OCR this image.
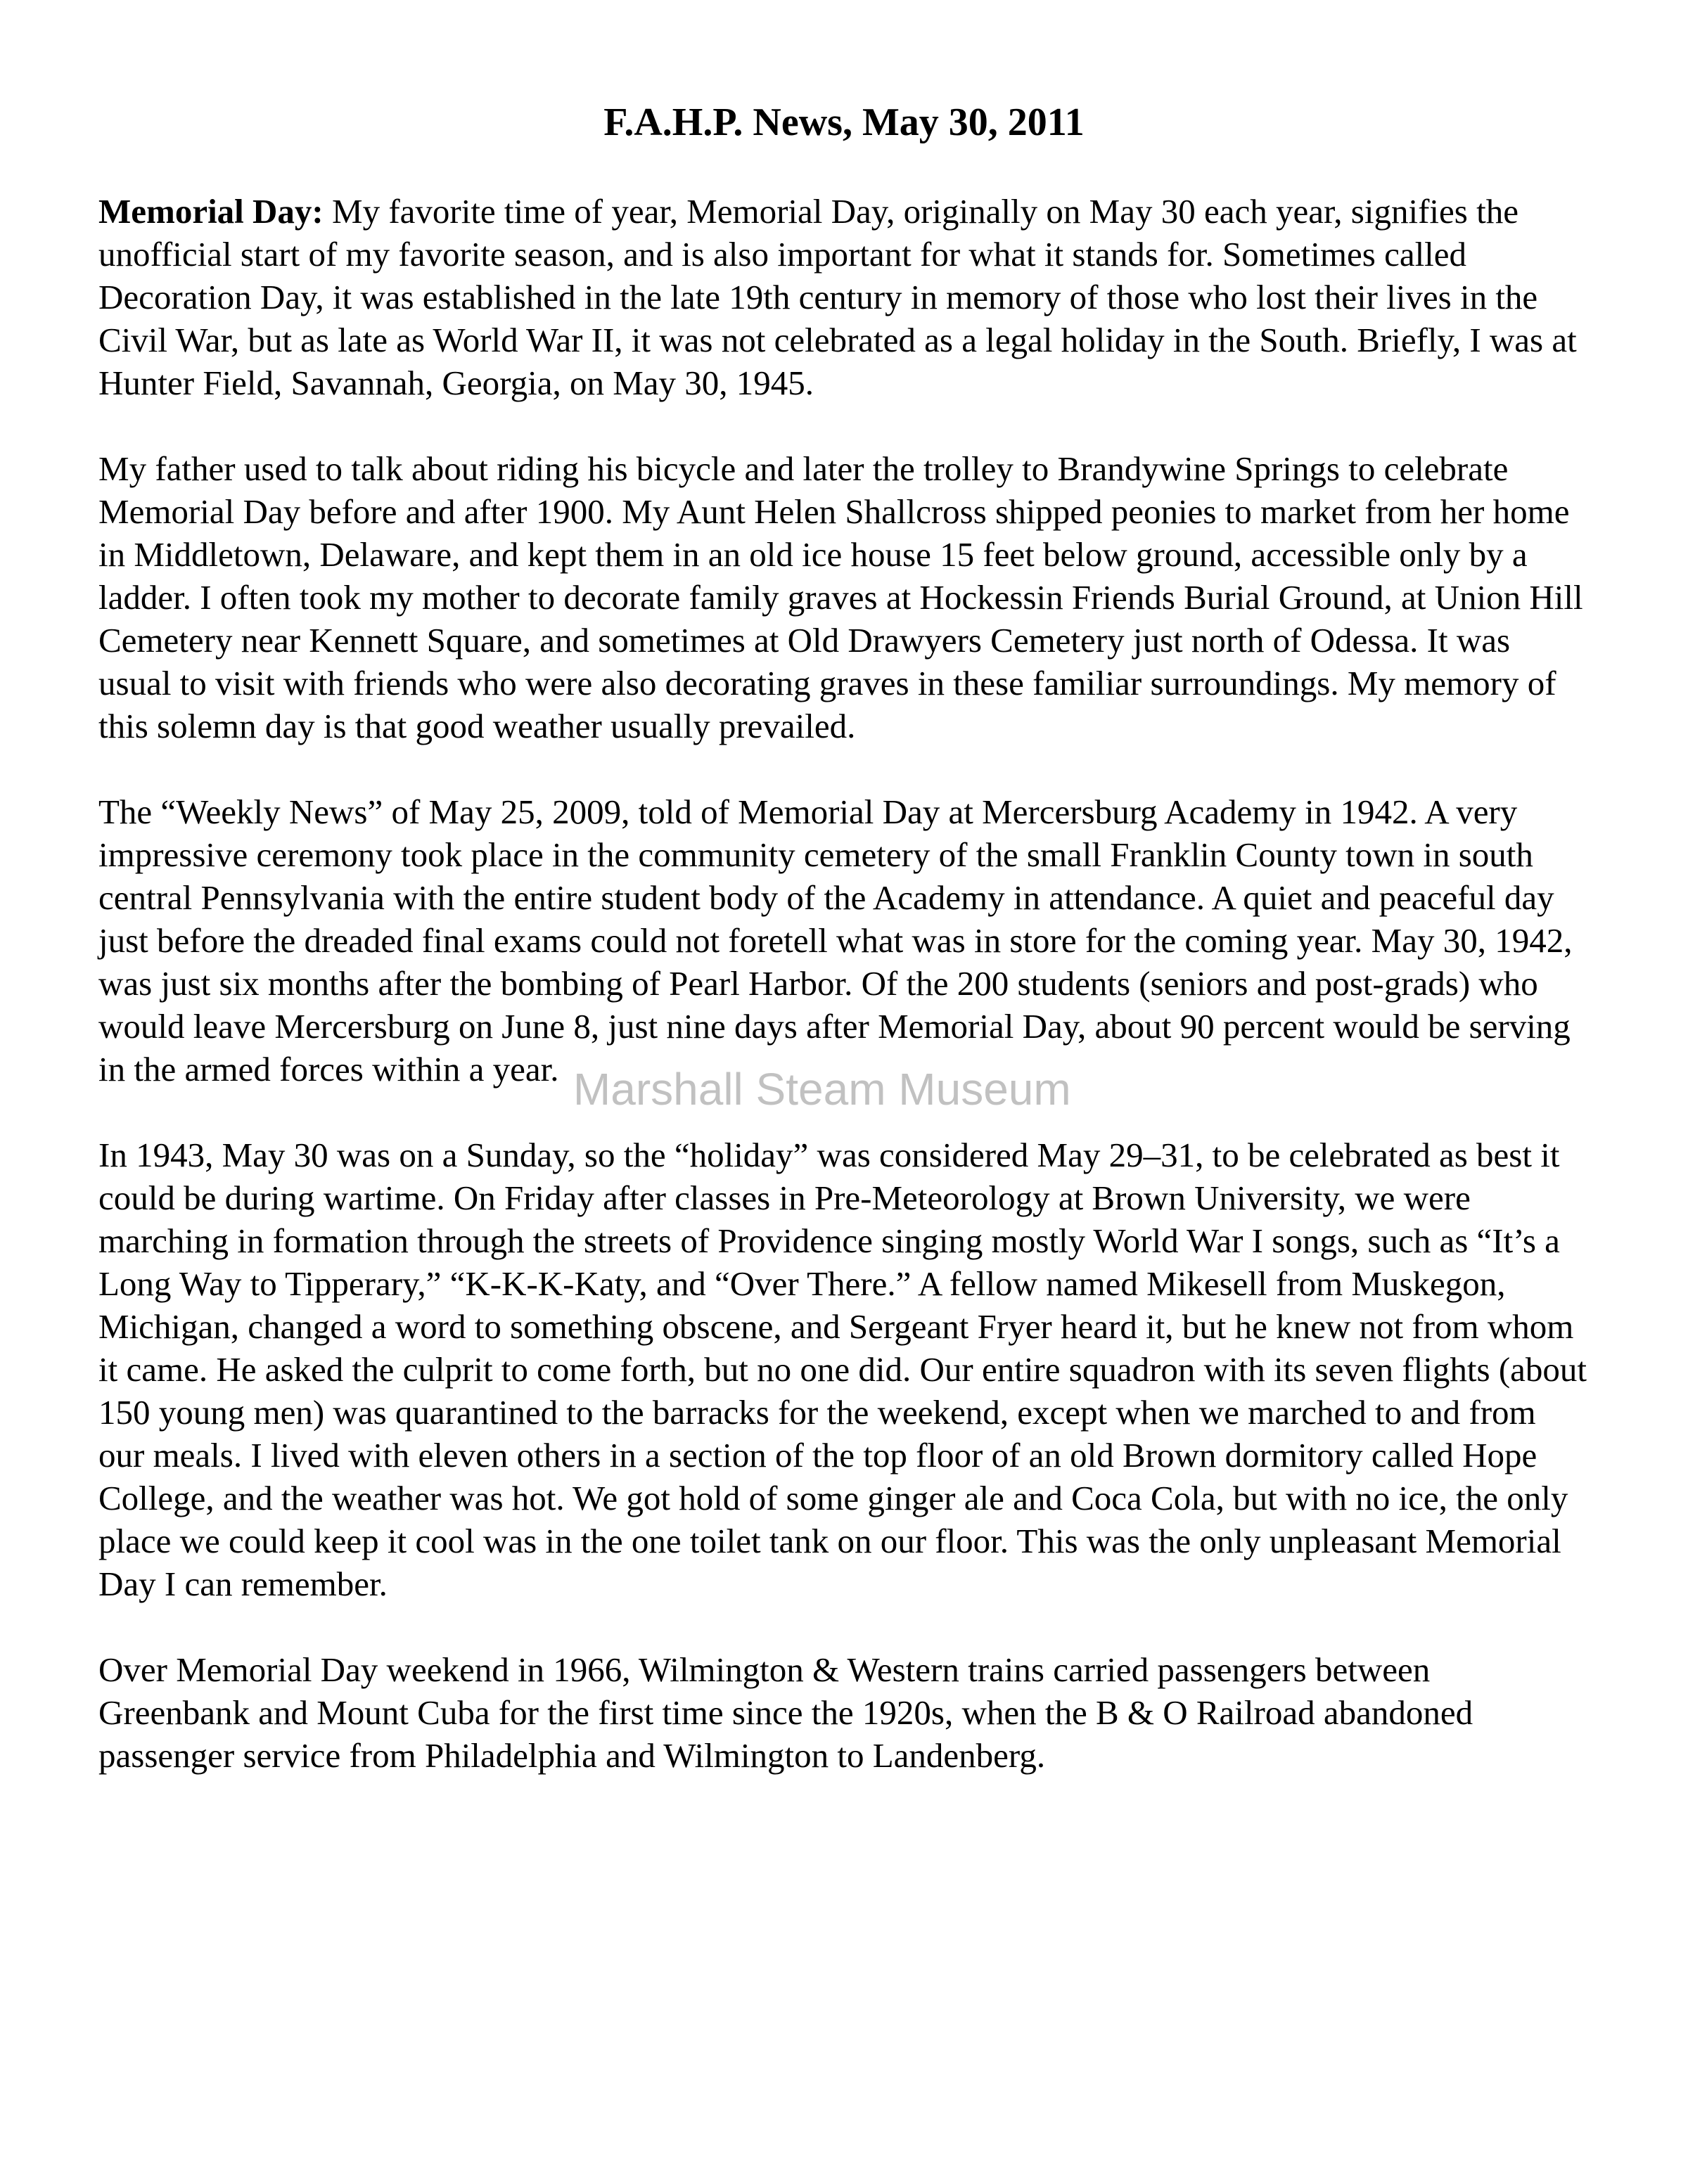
Marshall Steam Museum
F.A.H.P. News, May 30, 2011

Memorial Day: My favorite time of year, Memorial Day, originally on May 30 each year, signifies the unofficial start of my favorite season, and is also important for what it stands for. Sometimes called Decoration Day, it was established in the late 19th century in memory of those who lost their lives in the Civil War, but as late as World War II, it was not celebrated as a legal holiday in the South. Briefly, I was at Hunter Field, Savannah, Georgia, on May 30, 1945.

My father used to talk about riding his bicycle and later the trolley to Brandywine Springs to celebrate Memorial Day before and after 1900. My Aunt Helen Shallcross shipped peonies to market from her home in Middletown, Delaware, and kept them in an old ice house 15 feet below ground, accessible only by a ladder. I often took my mother to decorate family graves at Hockessin Friends Burial Ground, at Union Hill Cemetery near Kennett Square, and sometimes at Old Drawyers Cemetery just north of Odessa. It was usual to visit with friends who were also decorating graves in these familiar surroundings. My memory of this solemn day is that good weather usually prevailed.

The “Weekly News” of May 25, 2009, told of Memorial Day at Mercersburg Academy in 1942. A very impressive ceremony took place in the community cemetery of the small Franklin County town in south central Pennsylvania with the entire student body of the Academy in attendance. A quiet and peaceful day just before the dreaded final exams could not foretell what was in store for the coming year. May 30, 1942, was just six months after the bombing of Pearl Harbor. Of the 200 students (seniors and post-grads) who would leave Mercersburg on June 8, just nine days after Memorial Day, about 90 percent would be serving in the armed forces within a year.

In 1943, May 30 was on a Sunday, so the “holiday” was considered May 29–31, to be celebrated as best it could be during wartime. On Friday after classes in Pre-Meteorology at Brown University, we were marching in formation through the streets of Providence singing mostly World War I songs, such as “It’s a Long Way to Tipperary,” “K-K-K-Katy, and “Over There.” A fellow named Mikesell from Muskegon, Michigan, changed a word to something obscene, and Sergeant Fryer heard it, but he knew not from whom it came. He asked the culprit to come forth, but no one did. Our entire squadron with its seven flights (about 150 young men) was quarantined to the barracks for the weekend, except when we marched to and from our meals. I lived with eleven others in a section of the top floor of an old Brown dormitory called Hope College, and the weather was hot. We got hold of some ginger ale and Coca Cola, but with no ice, the only place we could keep it cool was in the one toilet tank on our floor. This was the only unpleasant Memorial Day I can remember.

Over Memorial Day weekend in 1966, Wilmington & Western trains carried passengers between Greenbank and Mount Cuba for the first time since the 1920s, when the B & O Railroad abandoned passenger service from Philadelphia and Wilmington to Landenberg.
